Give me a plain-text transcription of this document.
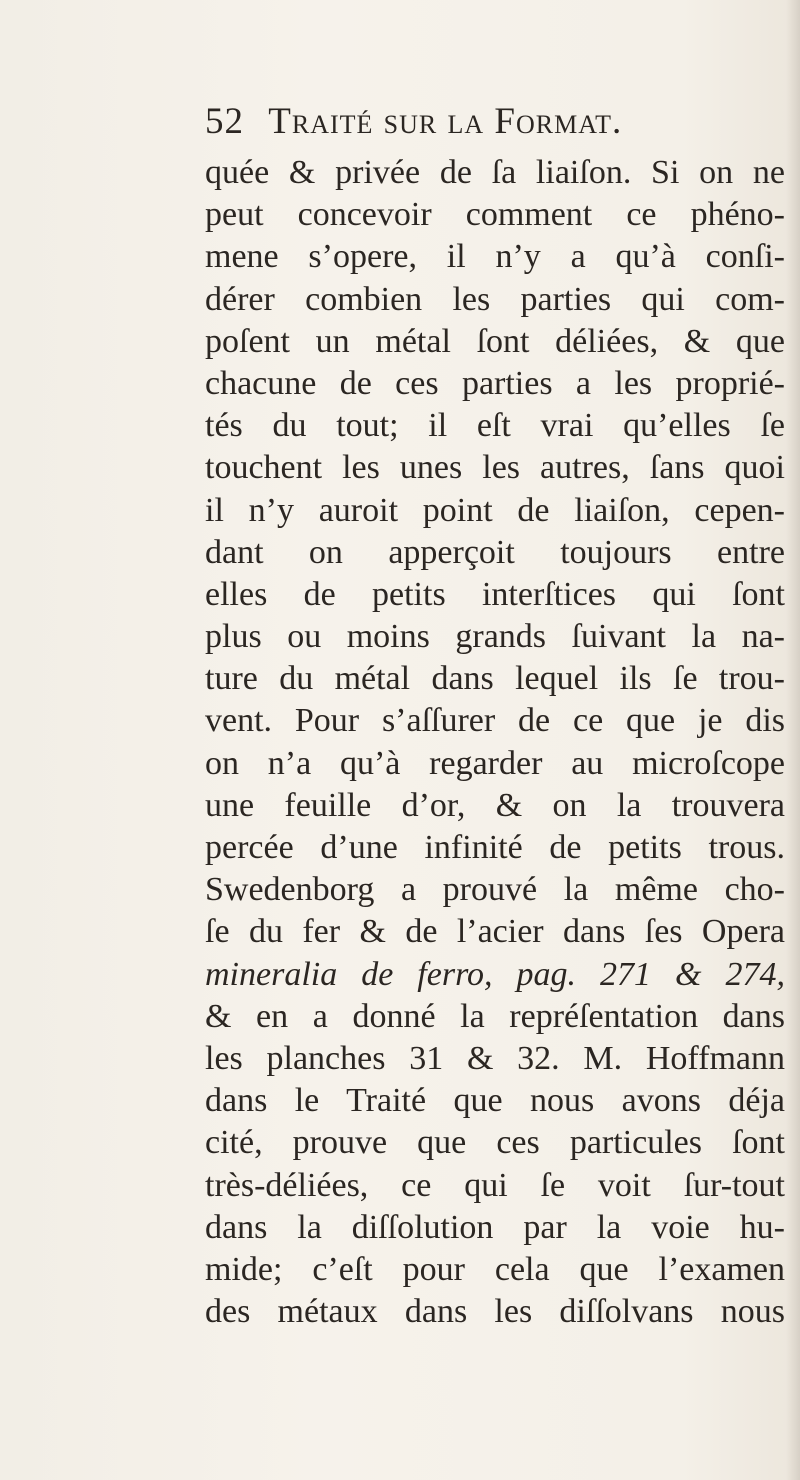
52 Traité sur la Format.
quée & privée de ſa liaiſon. Si on ne
peut concevoir comment ce phéno-
mene s’opere, il n’y a qu’à conſi-
dérer combien les parties qui com-
poſent un métal ſont déliées, & que
chacune de ces parties a les proprié-
tés du tout; il eſt vrai qu’elles ſe
touchent les unes les autres, ſans quoi
il n’y auroit point de liaiſon, cepen-
dant on apperçoit toujours entre
elles de petits interſtices qui ſont
plus ou moins grands ſuivant la na-
ture du métal dans lequel ils ſe trou-
vent. Pour s’aſſurer de ce que je dis
on n’a qu’à regarder au microſcope
une feuille d’or, & on la trouvera
percée d’une infinité de petits trous.
Swedenborg a prouvé la même cho-
ſe du fer & de l’acier dans ſes Opera
mineralia de ferro, pag. 271 & 274,
& en a donné la repréſentation dans
les planches 31 & 32. M. Hoffmann
dans le Traité que nous avons déja
cité, prouve que ces particules ſont
très-déliées, ce qui ſe voit ſur-tout
dans la diſſolution par la voie hu-
mide; c’eſt pour cela que l’examen
des métaux dans les diſſolvans nous
